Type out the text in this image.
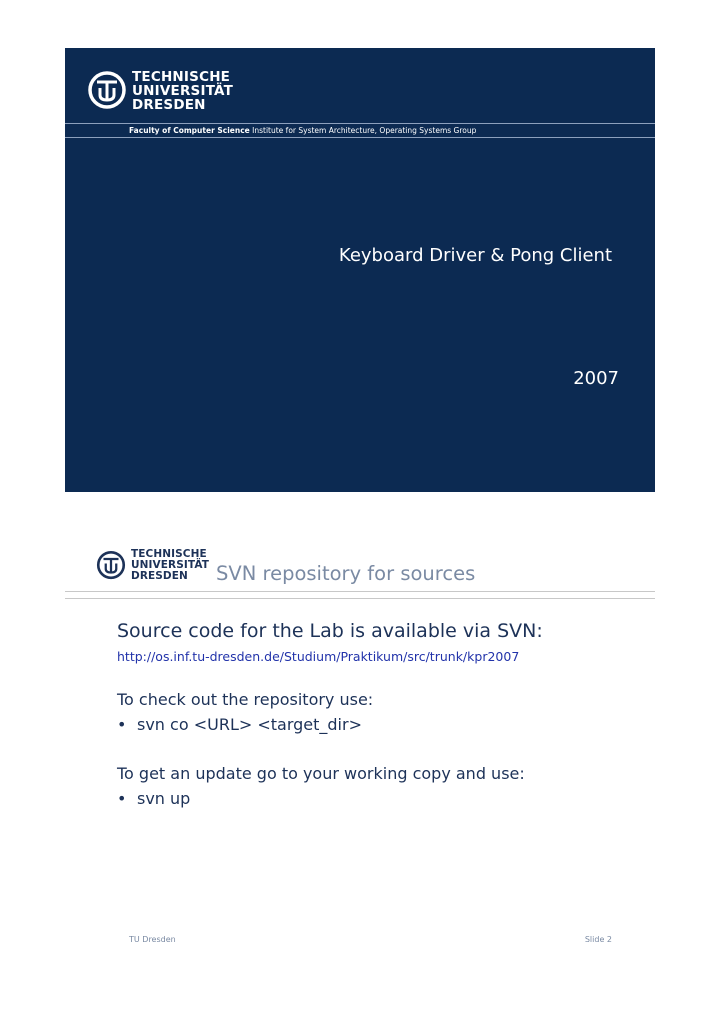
TECHNISCHE
UNIVERSITÄT
DRESDEN
Faculty of Computer Science Institute for System Architecture, Operating Systems Group
Keyboard Driver & Pong Client
2007
TECHNISCHE
UNIVERSITÄT
DRESDEN	SVN repository for sources
Source code for the Lab is available via SVN:
http://os.inf.tu-dresden.de/Studium/Praktikum/src/trunk/kpr2007
To check out the repository use:
• svn co <URL> <target_dir>
To get an update go to your working copy and use:
• svn up
TU Dresden	Slide 2
